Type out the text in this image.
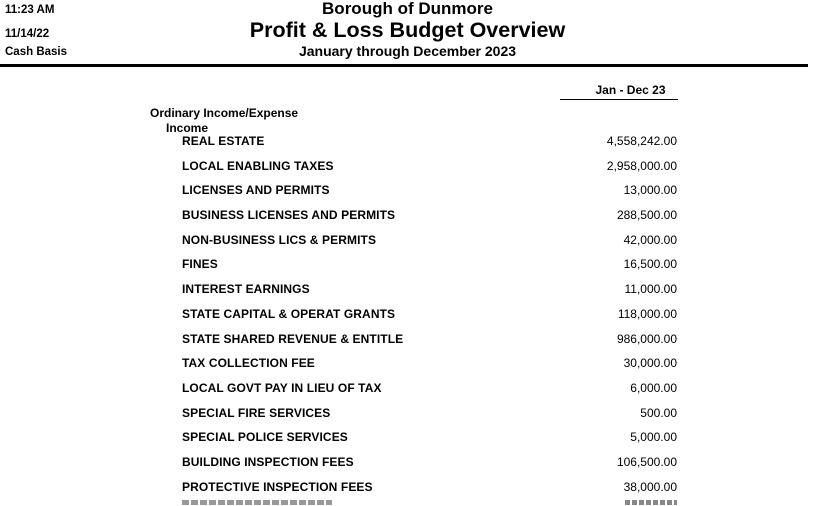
11:23 AM
11/14/22
Cash Basis
Borough of Dunmore
Profit & Loss Budget Overview
January through December 2023
Jan - Dec 23
Ordinary Income/Expense
Income
REAL ESTATE	4,558,242.00
LOCAL ENABLING TAXES	2,958,000.00
LICENSES AND PERMITS	13,000.00
BUSINESS LICENSES AND PERMITS	288,500.00
NON-BUSINESS LICS & PERMITS	42,000.00
FINES	16,500.00
INTEREST EARNINGS	11,000.00
STATE CAPITAL & OPERAT GRANTS	118,000.00
STATE SHARED REVENUE & ENTITLE	986,000.00
TAX COLLECTION FEE	30,000.00
LOCAL GOVT PAY IN LIEU OF TAX	6,000.00
SPECIAL FIRE SERVICES	500.00
SPECIAL POLICE SERVICES	5,000.00
BUILDING INSPECTION FEES	106,500.00
PROTECTIVE INSPECTION FEES	38,000.00
